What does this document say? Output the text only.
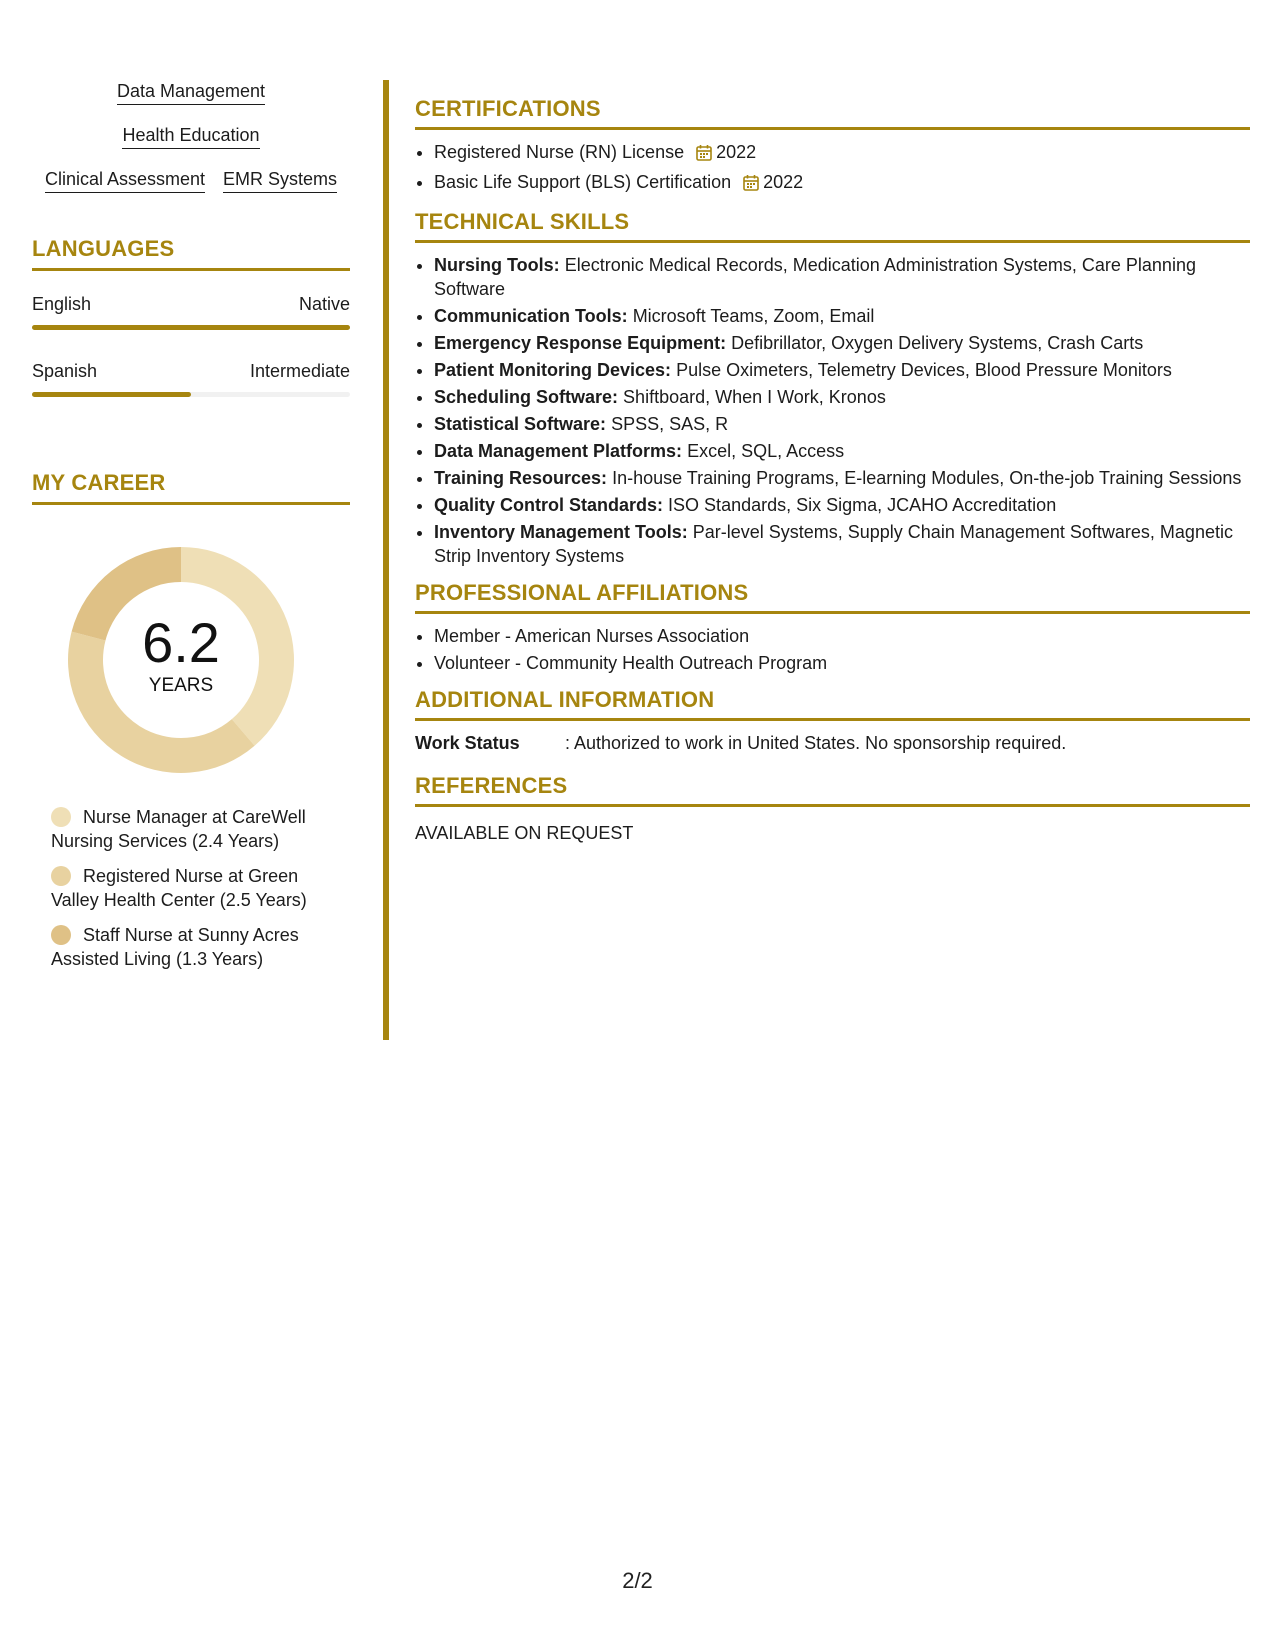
Data Management
Health Education
Clinical Assessment EMR Systems
LANGUAGES
English	Native
Spanish	Intermediate
MY CAREER
6.2
YEARS
Nurse Manager at CareWell Nursing Services (2.4 Years)
Registered Nurse at Green Valley Health Center (2.5 Years)
Staff Nurse at Sunny Acres Assisted Living (1.3 Years)
CERTIFICATIONS
• Registered Nurse (RN) License 2022
• Basic Life Support (BLS) Certification 2022
TECHNICAL SKILLS
• Nursing Tools: Electronic Medical Records, Medication Administration Systems, Care Planning Software
• Communication Tools: Microsoft Teams, Zoom, Email
• Emergency Response Equipment: Defibrillator, Oxygen Delivery Systems, Crash Carts
• Patient Monitoring Devices: Pulse Oximeters, Telemetry Devices, Blood Pressure Monitors
• Scheduling Software: Shiftboard, When I Work, Kronos
• Statistical Software: SPSS, SAS, R
• Data Management Platforms: Excel, SQL, Access
• Training Resources: In-house Training Programs, E-learning Modules, On-the-job Training Sessions
• Quality Control Standards: ISO Standards, Six Sigma, JCAHO Accreditation
• Inventory Management Tools: Par-level Systems, Supply Chain Management Softwares, Magnetic Strip Inventory Systems
PROFESSIONAL AFFILIATIONS
• Member - American Nurses Association
• Volunteer - Community Health Outreach Program
ADDITIONAL INFORMATION
Work Status	: Authorized to work in United States. No sponsorship required.
REFERENCES
AVAILABLE ON REQUEST
2/2
